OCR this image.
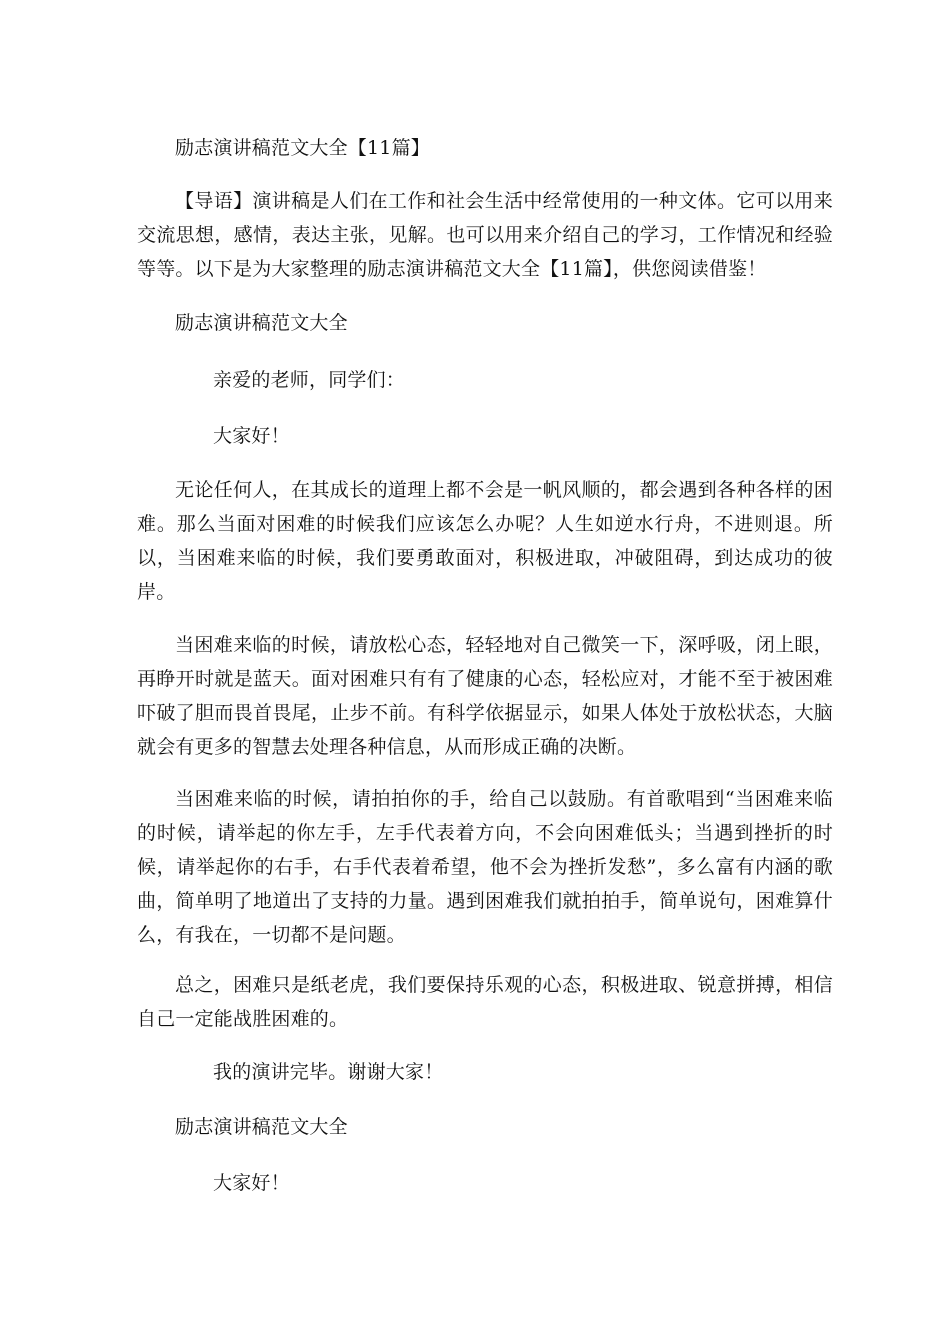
励志演讲稿范文大全【11篇】
【导语】演讲稿是人们在工作和社会生活中经常使用的一种文体。它可以用来交流思想，感情，表达主张，见解。也可以用来介绍自己的学习，工作情况和经验等等。以下是为大家整理的励志演讲稿范文大全【11篇】，供您阅读借鉴！
励志演讲稿范文大全
亲爱的老师，同学们：
大家好！
无论任何人，在其成长的道理上都不会是一帆风顺的，都会遇到各种各样的困难。那么当面对困难的时候我们应该怎么办呢？人生如逆水行舟，不进则退。所以，当困难来临的时候，我们要勇敢面对，积极进取，冲破阻碍，到达成功的彼岸。
当困难来临的时候，请放松心态，轻轻地对自己微笑一下，深呼吸，闭上眼，再睁开时就是蓝天。面对困难只有有了健康的心态，轻松应对，才能不至于被困难吓破了胆而畏首畏尾，止步不前。有科学依据显示，如果人体处于放松状态，大脑就会有更多的智慧去处理各种信息，从而形成正确的决断。
当困难来临的时候，请拍拍你的手，给自己以鼓励。有首歌唱到“当困难来临的时候，请举起的你左手，左手代表着方向，不会向困难低头；当遇到挫折的时候，请举起你的右手，右手代表着希望，他不会为挫折发愁”，多么富有内涵的歌曲，简单明了地道出了支持的力量。遇到困难我们就拍拍手，简单说句，困难算什么，有我在，一切都不是问题。
总之，困难只是纸老虎，我们要保持乐观的心态，积极进取、锐意拼搏，相信自己一定能战胜困难的。
我的演讲完毕。谢谢大家！
励志演讲稿范文大全
大家好！
